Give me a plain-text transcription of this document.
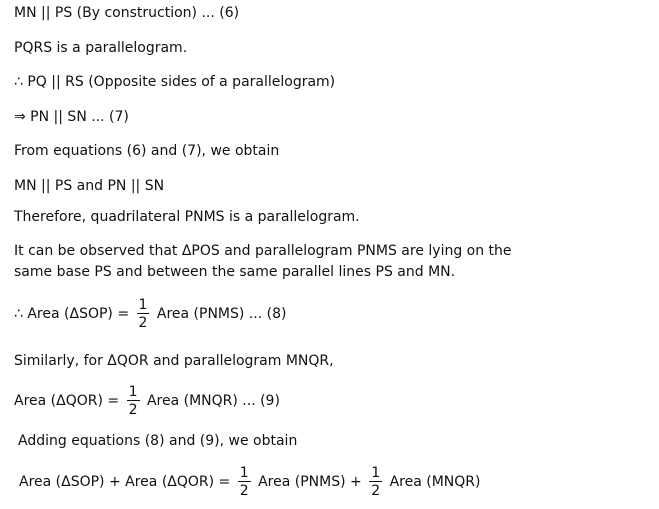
MN || PS (By construction) ... (6)
PQRS is a parallelogram.
∴ PQ || RS (Opposite sides of a parallelogram)
⇒ PN || SN ... (7)
From equations (6) and (7), we obtain
MN || PS and PN || SN
Therefore, quadrilateral PNMS is a parallelogram.
It can be observed that ΔPOS and parallelogram PNMS are lying on the
same base PS and between the same parallel lines PS and MN.
∴ Area $(\Delta SOP) = \frac{1}{2}$ Area (PNMS) ... (8)
Similarly, for ΔQOR and parallelogram MNQR,
Area $(\Delta QOR) = \frac{1}{2}$ Area (MNQR) ... (9)
Adding equations (8) and (9), we obtain
Area (ΔSOP) + Area $(\Delta QOR) = \frac{1}{2}$ Area (PNMS) + $\frac{1}{2}$ Area (MNQR)
